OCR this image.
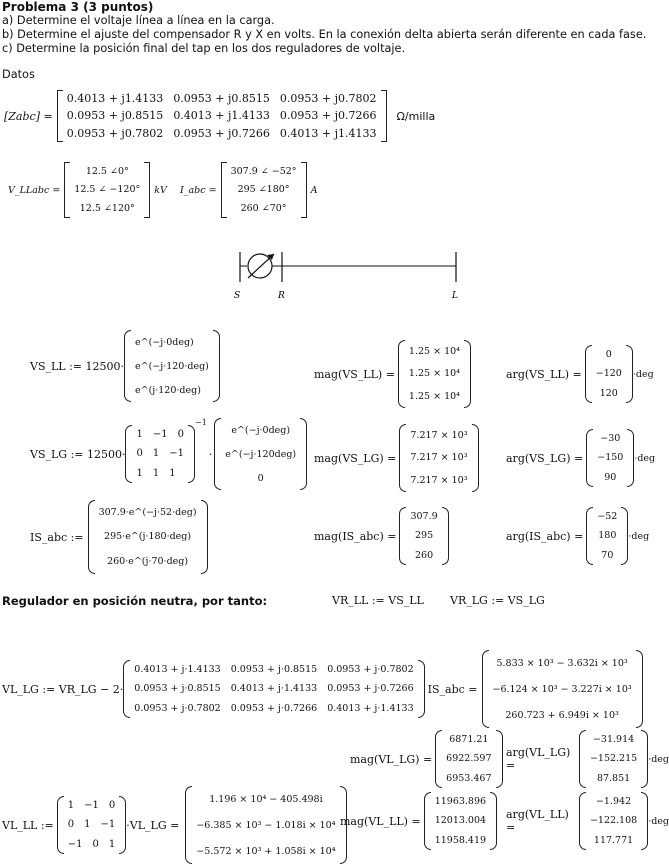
Problema 3 (3 puntos)
a) Determine el voltaje línea a línea en la carga.
b) Determine el ajuste del compensador R y X en volts. En la conexión delta abierta serán diferente en cada fase.
c) Determine la posición final del tap en los dos reguladores de voltaje.
Datos
[Zabc] =
0.4013 + j1.4133 0.0953 + j0.8515 0.0953 + j0.7802
0.0953 + j0.8515 0.4013 + j1.4133 0.0953 + j0.7266
0.0953 + j0.7802 0.0953 + j0.7266 0.4013 + j1.4133
Ω/milla
V_LLabc =
12.5 ∠0°
12.5 ∠ −120°
12.5 ∠120°
kV I_abc =
307.9 ∠ −52°
295 ∠180°
260 ∠70°
A
S	R	L
VS_LL := 12500·
e^(−j·0deg)
e^(−j·120·deg)
e^(j·120·deg)
mag(VS_LL) =
1.25 × 10⁴
1.25 × 10⁴
1.25 × 10⁴
arg(VS_LL) =
0
−120
120
·deg
VS_LG := 12500·
1 −1 0
0 1 −1
1 1 1
$^{-1}$
·
e^(−j·0deg)
e^(−j·120deg)
0
mag(VS_LG) =
7.217 × 10³
7.217 × 10³
7.217 × 10³
arg(VS_LG) =
−30
−150
90
·deg
IS_abc :=
307.9·e^(−j·52·deg)
295·e^(j·180·deg)
260·e^(j·70·deg)
mag(IS_abc) =
307.9
295
260
arg(IS_abc) =
−52
180
70
·deg
Regulador en posición neutra, por tanto:	VR_LL := VS_LL VR_LG := VS_LG
VL_LG := VR_LG − 2·
0.4013 + j·1.4133 0.0953 + j·0.8515 0.0953 + j·0.7802
0.0953 + j·0.8515 0.4013 + j·1.4133 0.0953 + j·0.7266
0.0953 + j·0.7802 0.0953 + j·0.7266 0.4013 + j·1.4133
IS_abc =
5.833 × 10³ − 3.632i × 10³
−6.124 × 10³ − 3.227i × 10³
260.723 + 6.949i × 10³
mag(VL_LG) =
6871.21
6922.597
6953.467
arg(VL_LG) =
−31.914
−152.215
87.851
·deg
VL_LL :=
1 −1 0
0 1 −1
−1 0 1
·VL_LG =
1.196 × 10⁴ − 405.498i
−6.385 × 10³ − 1.018i × 10⁴
−5.572 × 10³ + 1.058i × 10⁴
mag(VL_LL) =
11963.896
12013.004
11958.419
arg(VL_LL) =
−1.942
−122.108
117.771
·deg
